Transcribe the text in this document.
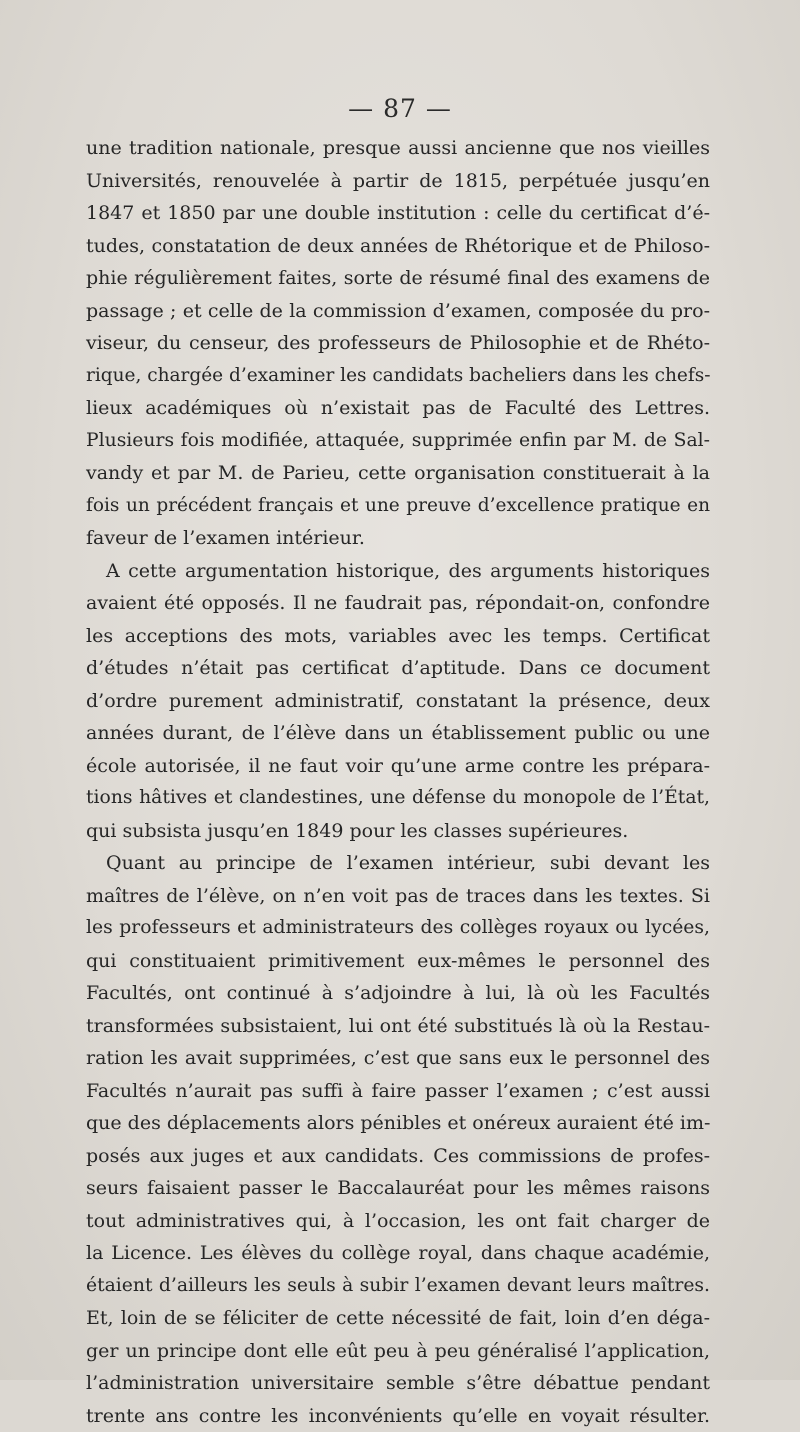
— 87 —
une tradition nationale, presque aussi ancienne que nos vieilles
Universités, renouvelée à partir de 1815, perpétuée jusqu’en
1847 et 1850 par une double institution : celle du certificat d’é-
tudes, constatation de deux années de Rhétorique et de Philoso-
phie régulièrement faites, sorte de résumé final des examens de
passage ; et celle de la commission d’examen, composée du pro-
viseur, du censeur, des professeurs de Philosophie et de Rhéto-
rique, chargée d’examiner les candidats bacheliers dans les chefs-
lieux académiques où n’existait pas de Faculté des Lettres.
Plusieurs fois modifiée, attaquée, supprimée enfin par M. de Sal-
vandy et par M. de Parieu, cette organisation constituerait à la
fois un précédent français et une preuve d’excellence pratique en
faveur de l’examen intérieur.
A cette argumentation historique, des arguments historiques
avaient été opposés. Il ne faudrait pas, répondait-on, confondre
les acceptions des mots, variables avec les temps. Certificat
d’études n’était pas certificat d’aptitude. Dans ce document
d’ordre purement administratif, constatant la présence, deux
années durant, de l’élève dans un établissement public ou une
école autorisée, il ne faut voir qu’une arme contre les prépara-
tions hâtives et clandestines, une défense du monopole de l’État,
qui subsista jusqu’en 1849 pour les classes supérieures.
Quant au principe de l’examen intérieur, subi devant les
maîtres de l’élève, on n’en voit pas de traces dans les textes. Si
les professeurs et administrateurs des collèges royaux ou lycées,
qui constituaient primitivement eux-mêmes le personnel des
Facultés, ont continué à s’adjoindre à lui, là où les Facultés
transformées subsistaient, lui ont été substitués là où la Restau-
ration les avait supprimées, c’est que sans eux le personnel des
Facultés n’aurait pas suffi à faire passer l’examen ; c’est aussi
que des déplacements alors pénibles et onéreux auraient été im-
posés aux juges et aux candidats. Ces commissions de profes-
seurs faisaient passer le Baccalauréat pour les mêmes raisons
tout administratives qui, à l’occasion, les ont fait charger de
la Licence. Les élèves du collège royal, dans chaque académie,
étaient d’ailleurs les seuls à subir l’examen devant leurs maîtres.
Et, loin de se féliciter de cette nécessité de fait, loin d’en déga-
ger un principe dont elle eût peu à peu généralisé l’application,
l’administration universitaire semble s’être débattue pendant
trente ans contre les inconvénients qu’elle en voyait résulter.
